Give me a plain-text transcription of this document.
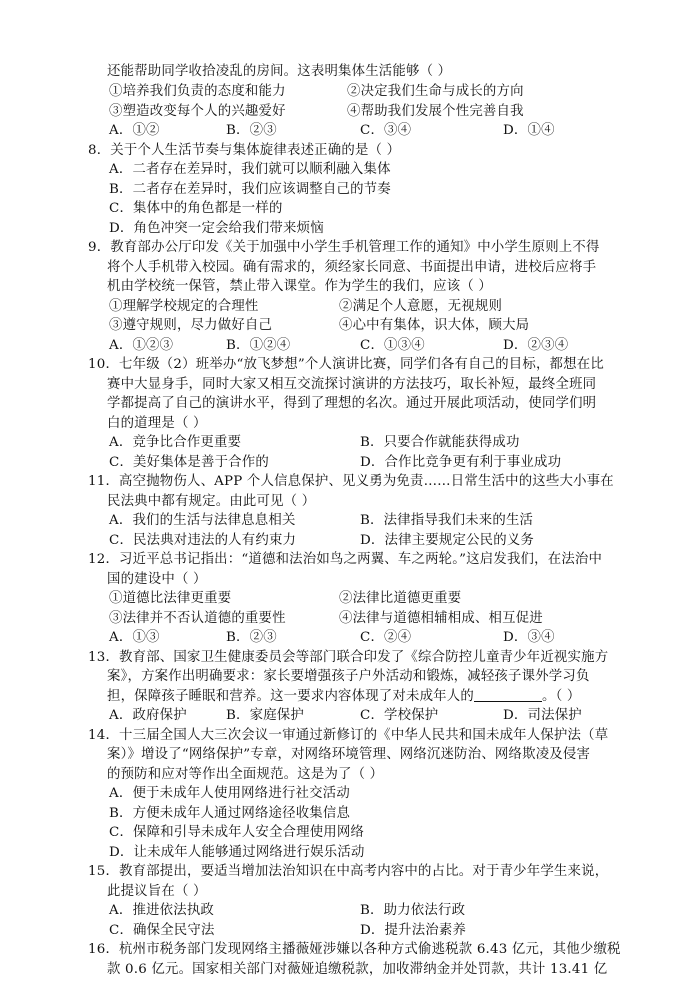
还能帮助同学收拾凌乱的房间。这表明集体生活能够（ ）
①培养我们负责的态度和能力	②决定我们生命与成长的方向
③塑造改变每个人的兴趣爱好	④帮助我们发展个性完善自我
A．①②	B．②③	C．③④	D．①④
8．关于个人生活节奏与集体旋律表述正确的是（ ）
A．二者存在差异时，我们就可以顺利融入集体
B．二者存在差异时，我们应该调整自己的节奏
C．集体中的角色都是一样的
D．角色冲突一定会给我们带来烦恼
9．教育部办公厅印发《关于加强中小学生手机管理工作的通知》中小学生原则上不得
将个人手机带入校园。确有需求的，须经家长同意、书面提出申请，进校后应将手
机由学校统一保管，禁止带入课堂。作为学生的我们，应该（ ）
①理解学校规定的合理性	②满足个人意愿，无视规则
③遵守规则，尽力做好自己	④心中有集体，识大体，顾大局
A．①②③	B．①②④	C．①③④	D．②③④
10．七年级（2）班举办“放飞梦想”个人演讲比赛，同学们各有自己的目标，都想在比
赛中大显身手，同时大家又相互交流探讨演讲的方法技巧，取长补短，最终全班同
学都提高了自己的演讲水平，得到了理想的名次。通过开展此项活动，使同学们明
白的道理是（ ）
A．竞争比合作更重要	B．只要合作就能获得成功
C．美好集体是善于合作的	D．合作比竞争更有利于事业成功
11．高空抛物伤人、APP 个人信息保护、见义勇为免责……日常生活中的这些大小事在
民法典中都有规定。由此可见（ ）
A．我们的生活与法律息息相关	B．法律指导我们未来的生活
C．民法典对违法的人有约束力	D．法律主要规定公民的义务
12．习近平总书记指出：“道德和法治如鸟之两翼、车之两轮。”这启发我们，在法治中
国的建设中（ ）
①道德比法律更重要	②法律比道德更重要
③法律并不否认道德的重要性	④法律与道德相辅相成、相互促进
A．①③	B．②③	C．②④	D．③④
13．教育部、国家卫生健康委员会等部门联合印发了《综合防控儿童青少年近视实施方
案》，方案作出明确要求：家长要增强孩子户外活动和锻炼，减轻孩子课外学习负
担，保障孩子睡眠和营养。这一要求内容体现了对未成年人的	。（ ）
A．政府保护	B．家庭保护	C．学校保护	D．司法保护
14．十三届全国人大三次会议一审通过新修订的《中华人民共和国未成年人保护法（草
案）》增设了“网络保护”专章，对网络环境管理、网络沉迷防治、网络欺凌及侵害
的预防和应对等作出全面规范。这是为了（ ）
A．便于未成年人使用网络进行社交活动
B．方便未成年人通过网络途径收集信息
C．保障和引导未成年人安全合理使用网络
D．让未成年人能够通过网络进行娱乐活动
15．教育部提出，要适当增加法治知识在中高考内容中的占比。对于青少年学生来说，
此提议旨在（ ）
A．推进依法执政	B．助力依法行政
C．确保全民守法	D．提升法治素养
16．杭州市税务部门发现网络主播薇娅涉嫌以各种方式偷逃税款 6.43 亿元，其他少缴税
款 0.6 亿元。国家相关部门对薇娅追缴税款，加收滞纳金并处罚款，共计 13.41 亿
